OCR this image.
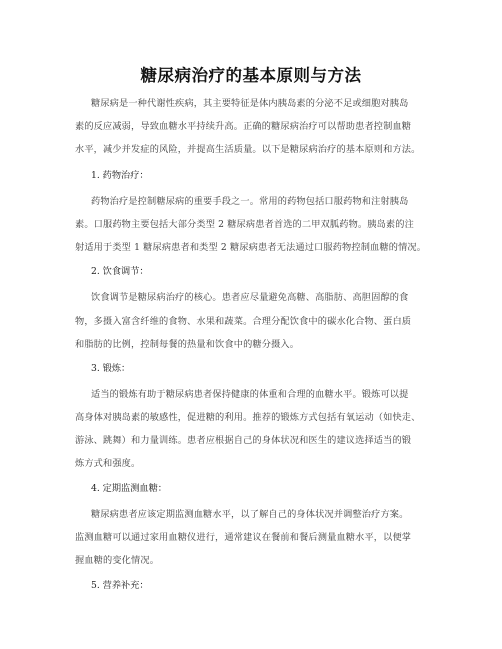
糖尿病治疗的基本原则与方法
糖尿病是一种代谢性疾病，其主要特征是体内胰岛素的分泌不足或细胞对胰岛
素的反应减弱，导致血糖水平持续升高。正确的糖尿病治疗可以帮助患者控制血糖
水平，减少并发症的风险，并提高生活质量。以下是糖尿病治疗的基本原则和方法。
1. 药物治疗：
药物治疗是控制糖尿病的重要手段之一。常用的药物包括口服药物和注射胰岛
素。口服药物主要包括大部分类型 2 糖尿病患者首选的二甲双胍药物。胰岛素的注
射适用于类型 1 糖尿病患者和类型 2 糖尿病患者无法通过口服药物控制血糖的情况。
2. 饮食调节：
饮食调节是糖尿病治疗的核心。患者应尽量避免高糖、高脂肪、高胆固醇的食
物，多摄入富含纤维的食物、水果和蔬菜。合理分配饮食中的碳水化合物、蛋白质
和脂肪的比例，控制每餐的热量和饮食中的糖分摄入。
3. 锻炼：
适当的锻炼有助于糖尿病患者保持健康的体重和合理的血糖水平。锻炼可以提
高身体对胰岛素的敏感性，促进糖的利用。推荐的锻炼方式包括有氧运动（如快走、
游泳、跳舞）和力量训练。患者应根据自己的身体状况和医生的建议选择适当的锻
炼方式和强度。
4. 定期监测血糖：
糖尿病患者应该定期监测血糖水平，以了解自己的身体状况并调整治疗方案。
监测血糖可以通过家用血糖仪进行，通常建议在餐前和餐后测量血糖水平，以便掌
握血糖的变化情况。
5. 营养补充：
